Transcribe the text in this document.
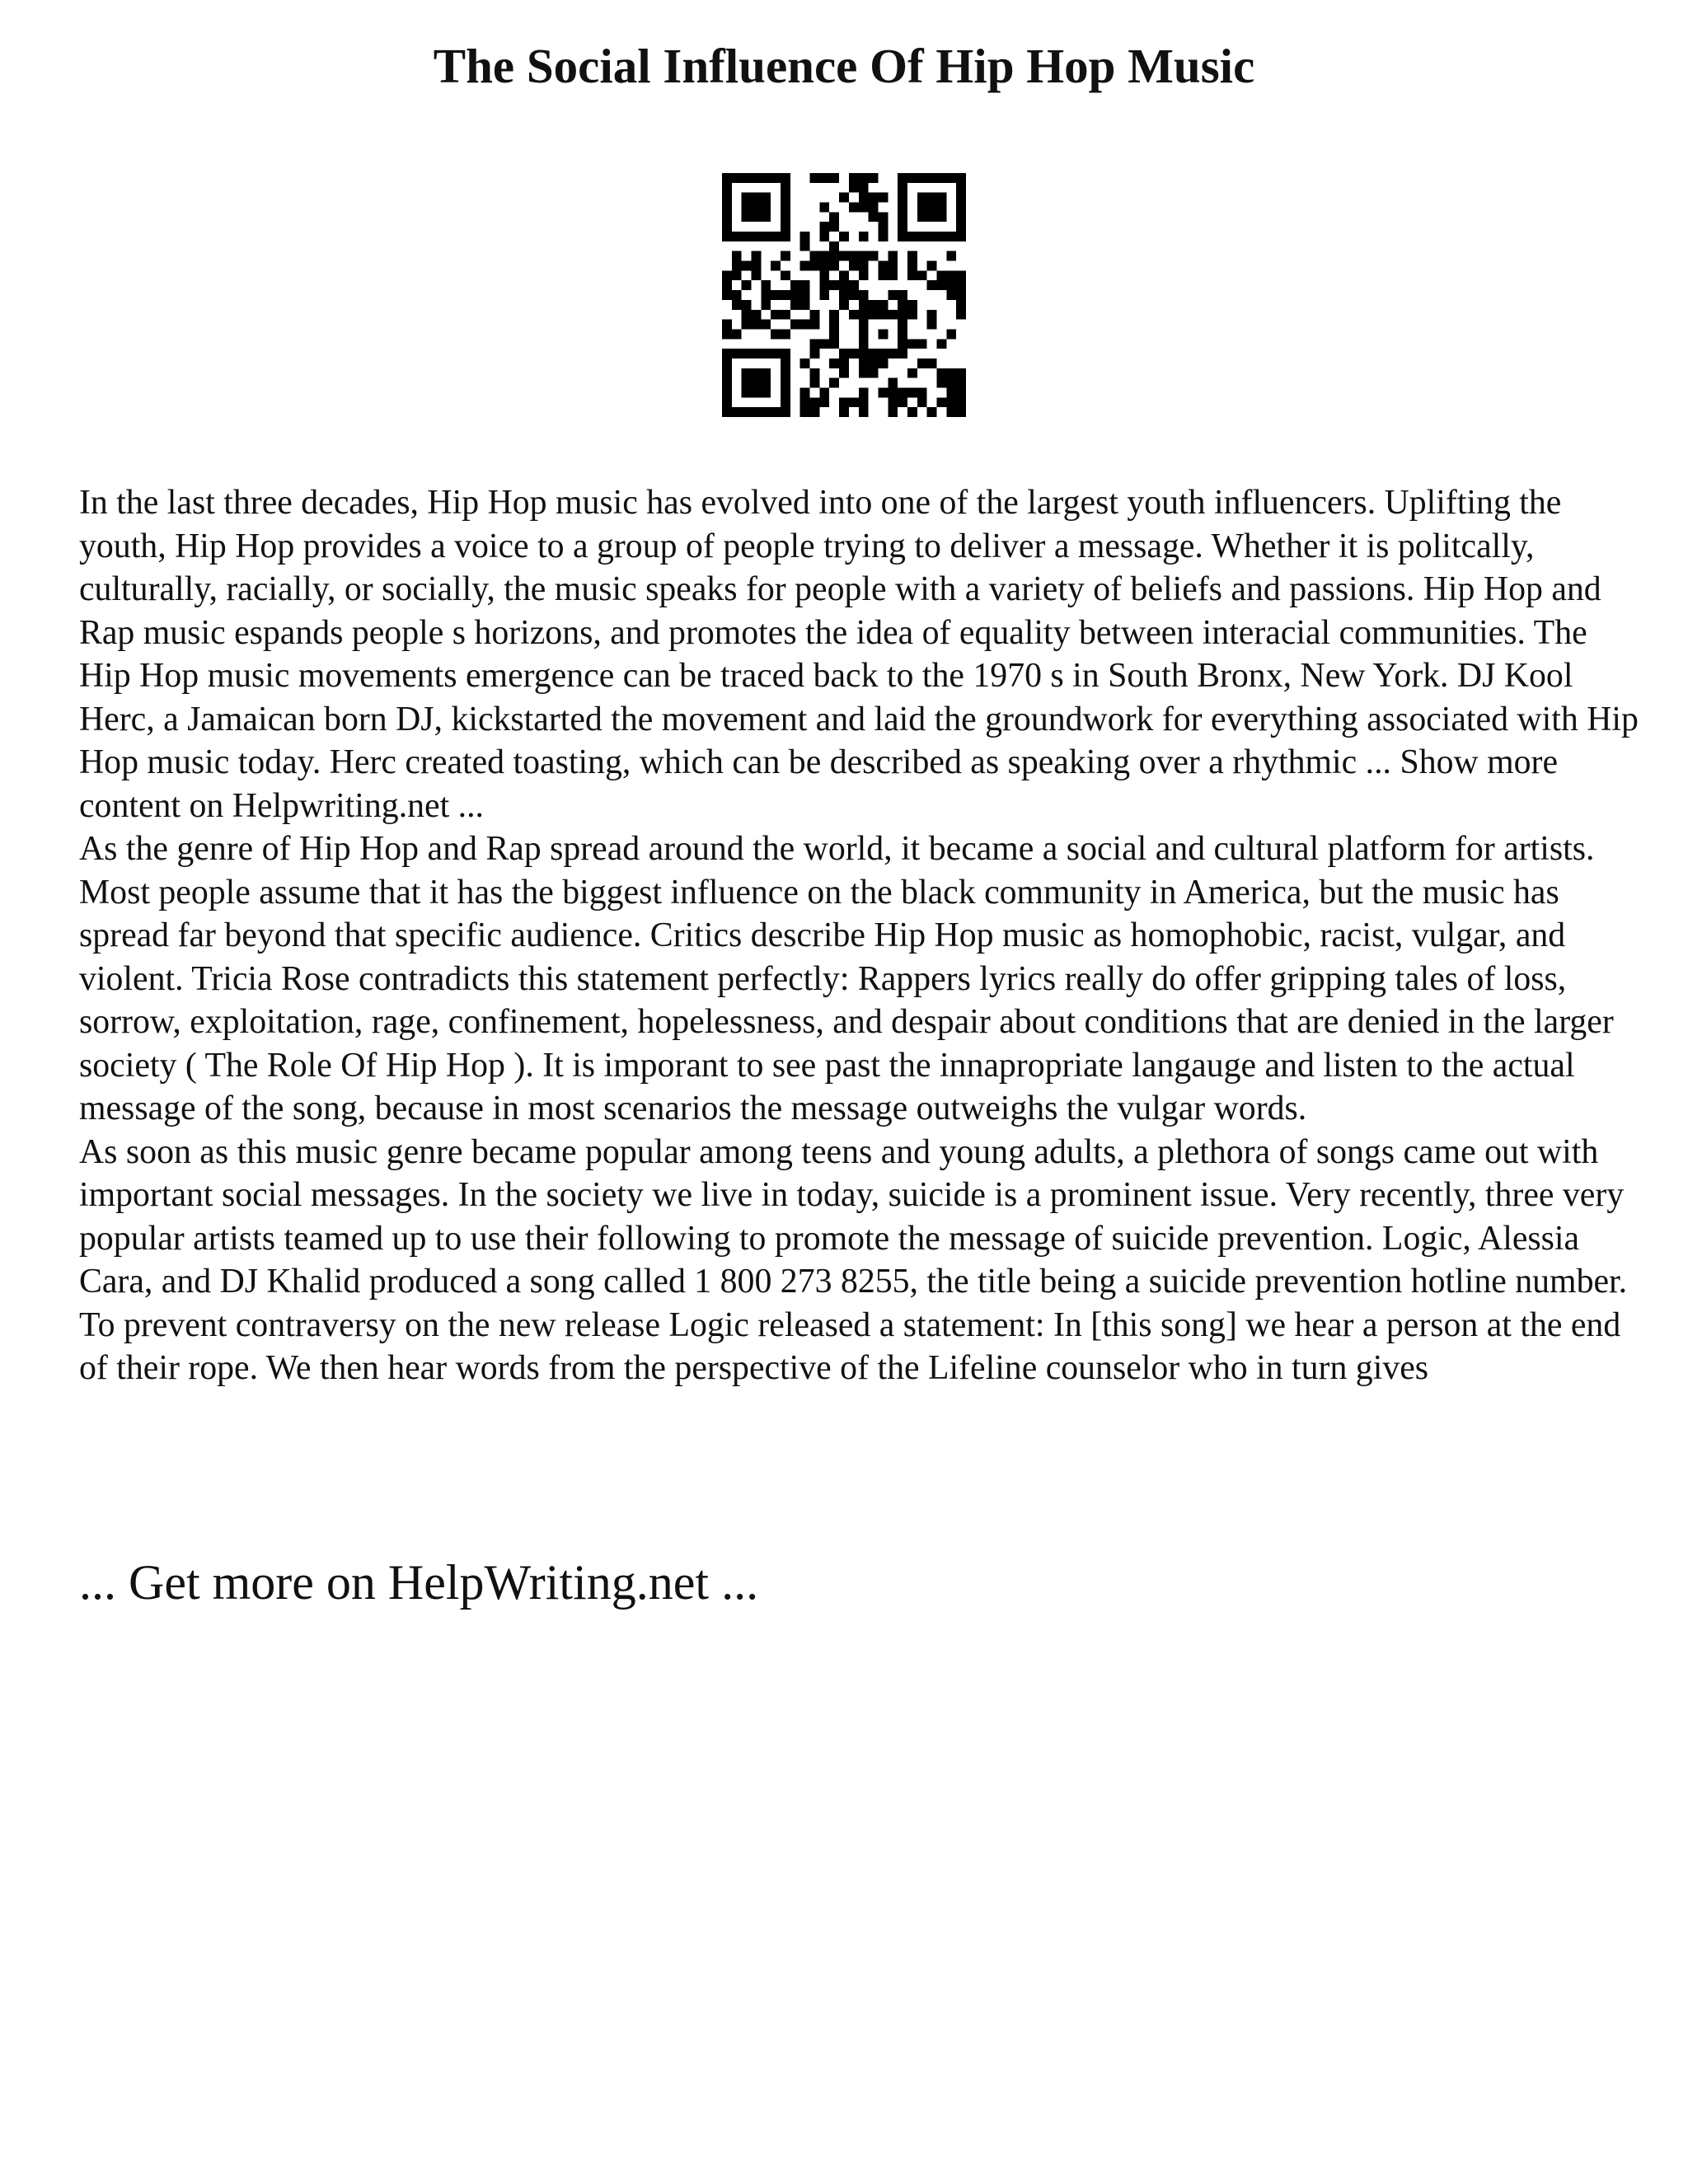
The Social Influence Of Hip Hop Music

In the last three decades, Hip Hop music has evolved into one of the largest youth influencers. Uplifting the youth, Hip Hop provides a voice to a group of people trying to deliver a message. Whether it is politcally, culturally, racially, or socially, the music speaks for people with a variety of beliefs and passions. Hip Hop and Rap music espands people s horizons, and promotes the idea of equality between interacial communities. The Hip Hop music movements emergence can be traced back to the 1970 s in South Bronx, New York. DJ Kool Herc, a Jamaican born DJ, kickstarted the movement and laid the groundwork for everything associated with Hip Hop music today. Herc created toasting, which can be described as speaking over a rhythmic ... Show more content on Helpwriting.net ...

As the genre of Hip Hop and Rap spread around the world, it became a social and cultural platform for artists. Most people assume that it has the biggest influence on the black community in America, but the music has spread far beyond that specific audience. Critics describe Hip Hop music as homophobic, racist, vulgar, and violent. Tricia Rose contradicts this statement perfectly: Rappers lyrics really do offer gripping tales of loss, sorrow, exploitation, rage, confinement, hopelessness, and despair about conditions that are denied in the larger society ( The Role Of Hip Hop ). It is imporant to see past the innapropriate langauge and listen to the actual message of the song, because in most scenarios the message outweighs the vulgar words.

As soon as this music genre became popular among teens and young adults, a plethora of songs came out with important social messages. In the society we live in today, suicide is a prominent issue. Very recently, three very popular artists teamed up to use their following to promote the message of suicide prevention. Logic, Alessia Cara, and DJ Khalid produced a song called 1 800 273 8255, the title being a suicide prevention hotline number. To prevent contraversy on the new release Logic released a statement: In [this song] we hear a person at the end of their rope. We then hear words from the perspective of the Lifeline counselor who in turn gives

... Get more on HelpWriting.net ...
